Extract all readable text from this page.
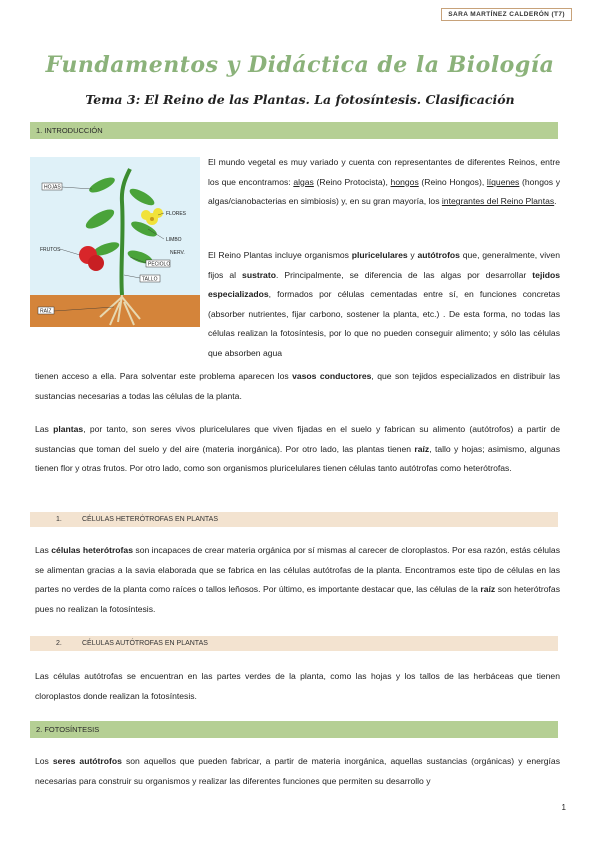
SARA MARTÍNEZ CALDERÓN (T7)
Fundamentos y Didáctica de la Biología
Tema 3: El Reino de las Plantas. La fotosíntesis. Clasificación
1. INTRODUCCIÓN
HOJAS
FLORES
LIMBO
NERV.
PECIOLO
FRUTOS
TALLO
RAÍZ
El mundo vegetal es muy variado y cuenta con representantes de diferentes Reinos, entre los que encontramos: algas (Reino Protocista), hongos (Reino Hongos), líquenes (hongos y algas/cianobacterias en simbiosis) y, en su gran mayoría, los integrantes del Reino Plantas.
El Reino Plantas incluye organismos pluricelulares y autótrofos que, generalmente, viven fijos al sustrato. Principalmente, se diferencia de las algas por desarrollar tejidos especializados, formados por células cementadas entre sí, en funciones concretas (absorber nutrientes, fijar carbono, sostener la planta, etc.) . De esta forma, no todas las células realizan la fotosíntesis, por lo que no pueden conseguir alimento; y sólo las células que absorben agua
tienen acceso a ella. Para solventar este problema aparecen los vasos conductores, que son tejidos especializados en distribuir las sustancias necesarias a todas las células de la planta.
Las plantas, por tanto, son seres vivos pluricelulares que viven fijadas en el suelo y fabrican su alimento (autótrofos) a partir de sustancias que toman del suelo y del aire (materia inorgánica). Por otro lado, las plantas tienen raíz, tallo y hojas; asimismo, algunas tienen flor y otras frutos. Por otro lado, como son organismos pluricelulares tienen células tanto autótrofas como heterótrofas.
1.	CÉLULAS HETERÓTROFAS EN PLANTAS
Las células heterótrofas son incapaces de crear materia orgánica por sí mismas al carecer de cloroplastos. Por esa razón, estás células se alimentan gracias a la savia elaborada que se fabrica en las células autótrofas de la planta. Encontramos este tipo de células en las partes no verdes de la planta como raíces o tallos leñosos. Por último, es importante destacar que, las células de la raíz son heterótrofas pues no realizan la fotosíntesis.
2.	CÉLULAS AUTÓTROFAS EN PLANTAS
Las células autótrofas se encuentran en las partes verdes de la planta, como las hojas y los tallos de las herbáceas que tienen cloroplastos donde realizan la fotosíntesis.
2. FOTOSÍNTESIS
Los seres autótrofos son aquellos que pueden fabricar, a partir de materia inorgánica, aquellas sustancias (orgánicas) y energías necesarias para construir su organismos y realizar las diferentes funciones que permiten su desarrollo y
1
